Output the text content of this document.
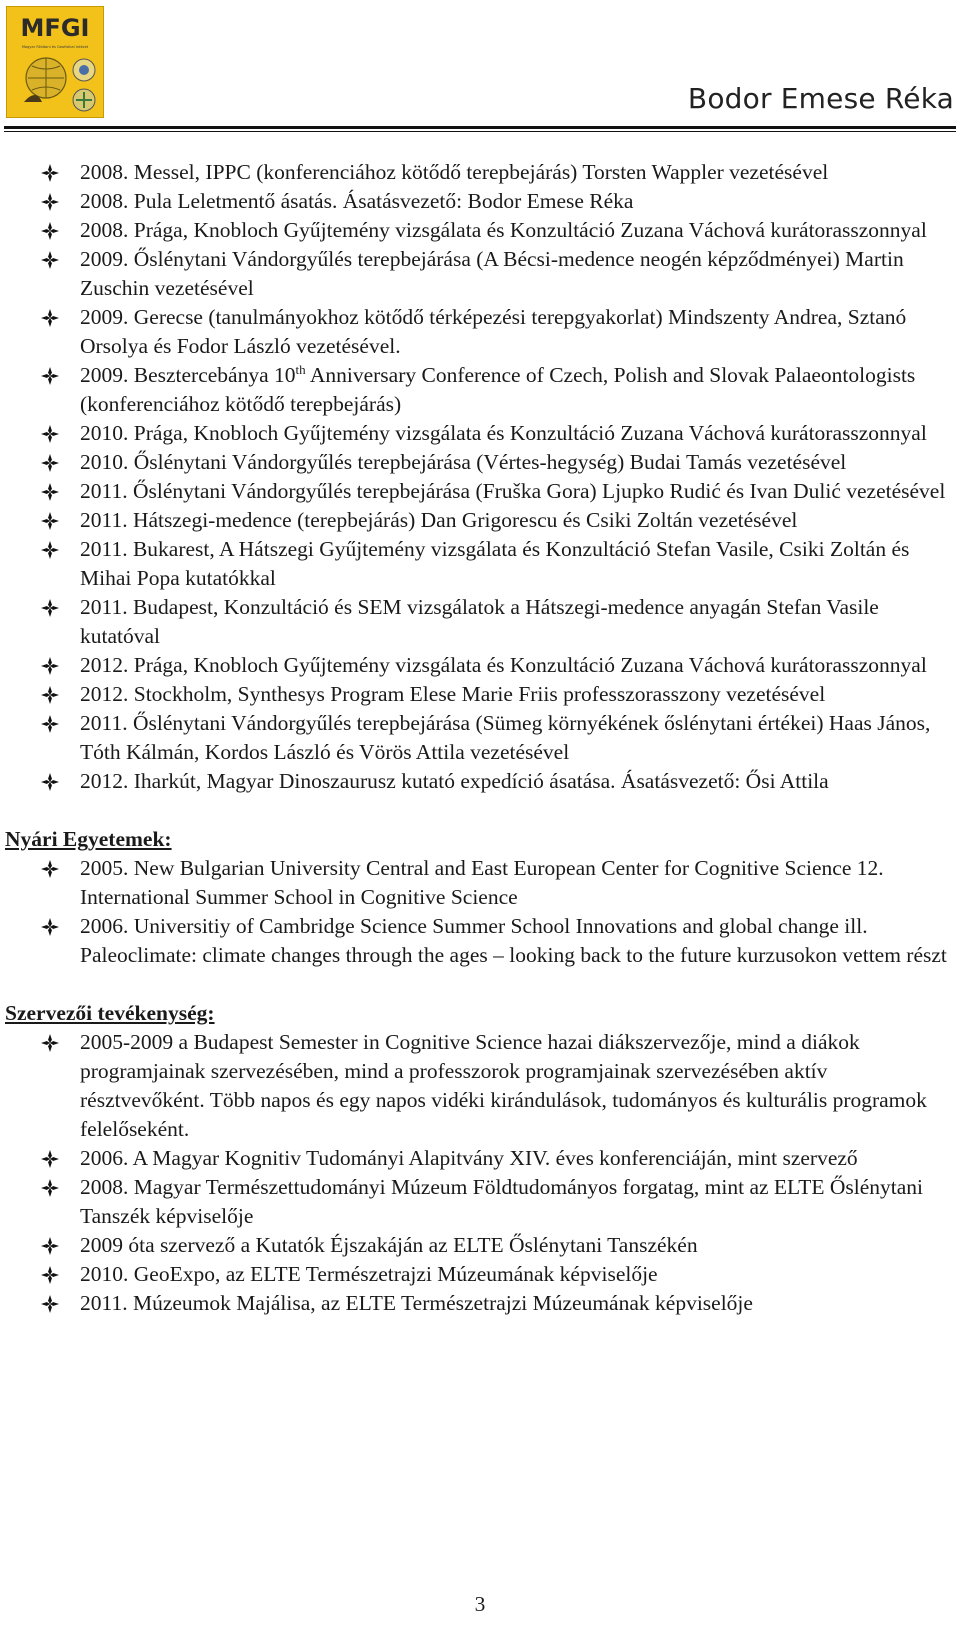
MFGI
Magyar Földtani és Geofizikai Intézet
Bodor Emese Réka
2008. Messel, IPPC (konferenciához kötődő terepbejárás) Torsten Wappler vezetésével
2008. Pula Leletmentő ásatás. Ásatásvezető: Bodor Emese Réka
2008. Prága, Knobloch Gyűjtemény vizsgálata és Konzultáció Zuzana Váchová kurátorasszonnyal
2009. Őslénytani Vándorgyűlés terepbejárása (A Bécsi-medence neogén képződményei) Martin Zuschin vezetésével
2009. Gerecse (tanulmányokhoz kötődő térképezési terepgyakorlat) Mindszenty Andrea, Sztanó Orsolya és Fodor László vezetésével.
2009. Besztercebánya 10th Anniversary Conference of Czech, Polish and Slovak Palaeontologists (konferenciához kötődő terepbejárás)
2010. Prága, Knobloch Gyűjtemény vizsgálata és Konzultáció Zuzana Váchová kurátorasszonnyal
2010. Őslénytani Vándorgyűlés terepbejárása (Vértes-hegység) Budai Tamás vezetésével
2011. Őslénytani Vándorgyűlés terepbejárása (Fruška Gora) Ljupko Rudić és Ivan Dulić vezetésével
2011. Hátszegi-medence (terepbejárás) Dan Grigorescu és Csiki Zoltán vezetésével
2011. Bukarest, A Hátszegi Gyűjtemény vizsgálata és Konzultáció Stefan Vasile, Csiki Zoltán és Mihai Popa kutatókkal
2011. Budapest, Konzultáció és SEM vizsgálatok a Hátszegi-medence anyagán Stefan Vasile kutatóval
2012. Prága, Knobloch Gyűjtemény vizsgálata és Konzultáció Zuzana Váchová kurátorasszonnyal
2012. Stockholm, Synthesys Program Elese Marie Friis professzorasszony vezetésével
2011. Őslénytani Vándorgyűlés terepbejárása (Sümeg környékének őslénytani értékei) Haas János, Tóth Kálmán, Kordos László és Vörös Attila vezetésével
2012. Iharkút, Magyar Dinoszaurusz kutató expedíció ásatása. Ásatásvezető: Ősi Attila
Nyári Egyetemek:
2005. New Bulgarian University Central and East European Center for Cognitive Science 12. International Summer School in Cognitive Science
2006. Universitiy of Cambridge Science Summer School Innovations and global change ill. Paleoclimate: climate changes through the ages – looking back to the future kurzusokon vettem részt
Szervezői tevékenység:
2005-2009 a Budapest Semester in Cognitive Science hazai diákszervezője, mind a diákok programjainak szervezésében, mind a professzorok programjainak szervezésében aktív résztvevőként. Több napos és egy napos vidéki kirándulások, tudományos és kulturális programok felelőseként.
2006. A Magyar Kognitiv Tudományi Alapitvány XIV. éves konferenciáján, mint szervező
2008. Magyar Természettudományi Múzeum Földtudományos forgatag, mint az ELTE Őslénytani Tanszék képviselője
2009 óta szervező a Kutatók Éjszakáján az ELTE Őslénytani Tanszékén
2010. GeoExpo, az ELTE Természetrajzi Múzeumának képviselője
2011. Múzeumok Majálisa, az ELTE Természetrajzi Múzeumának képviselője
3
